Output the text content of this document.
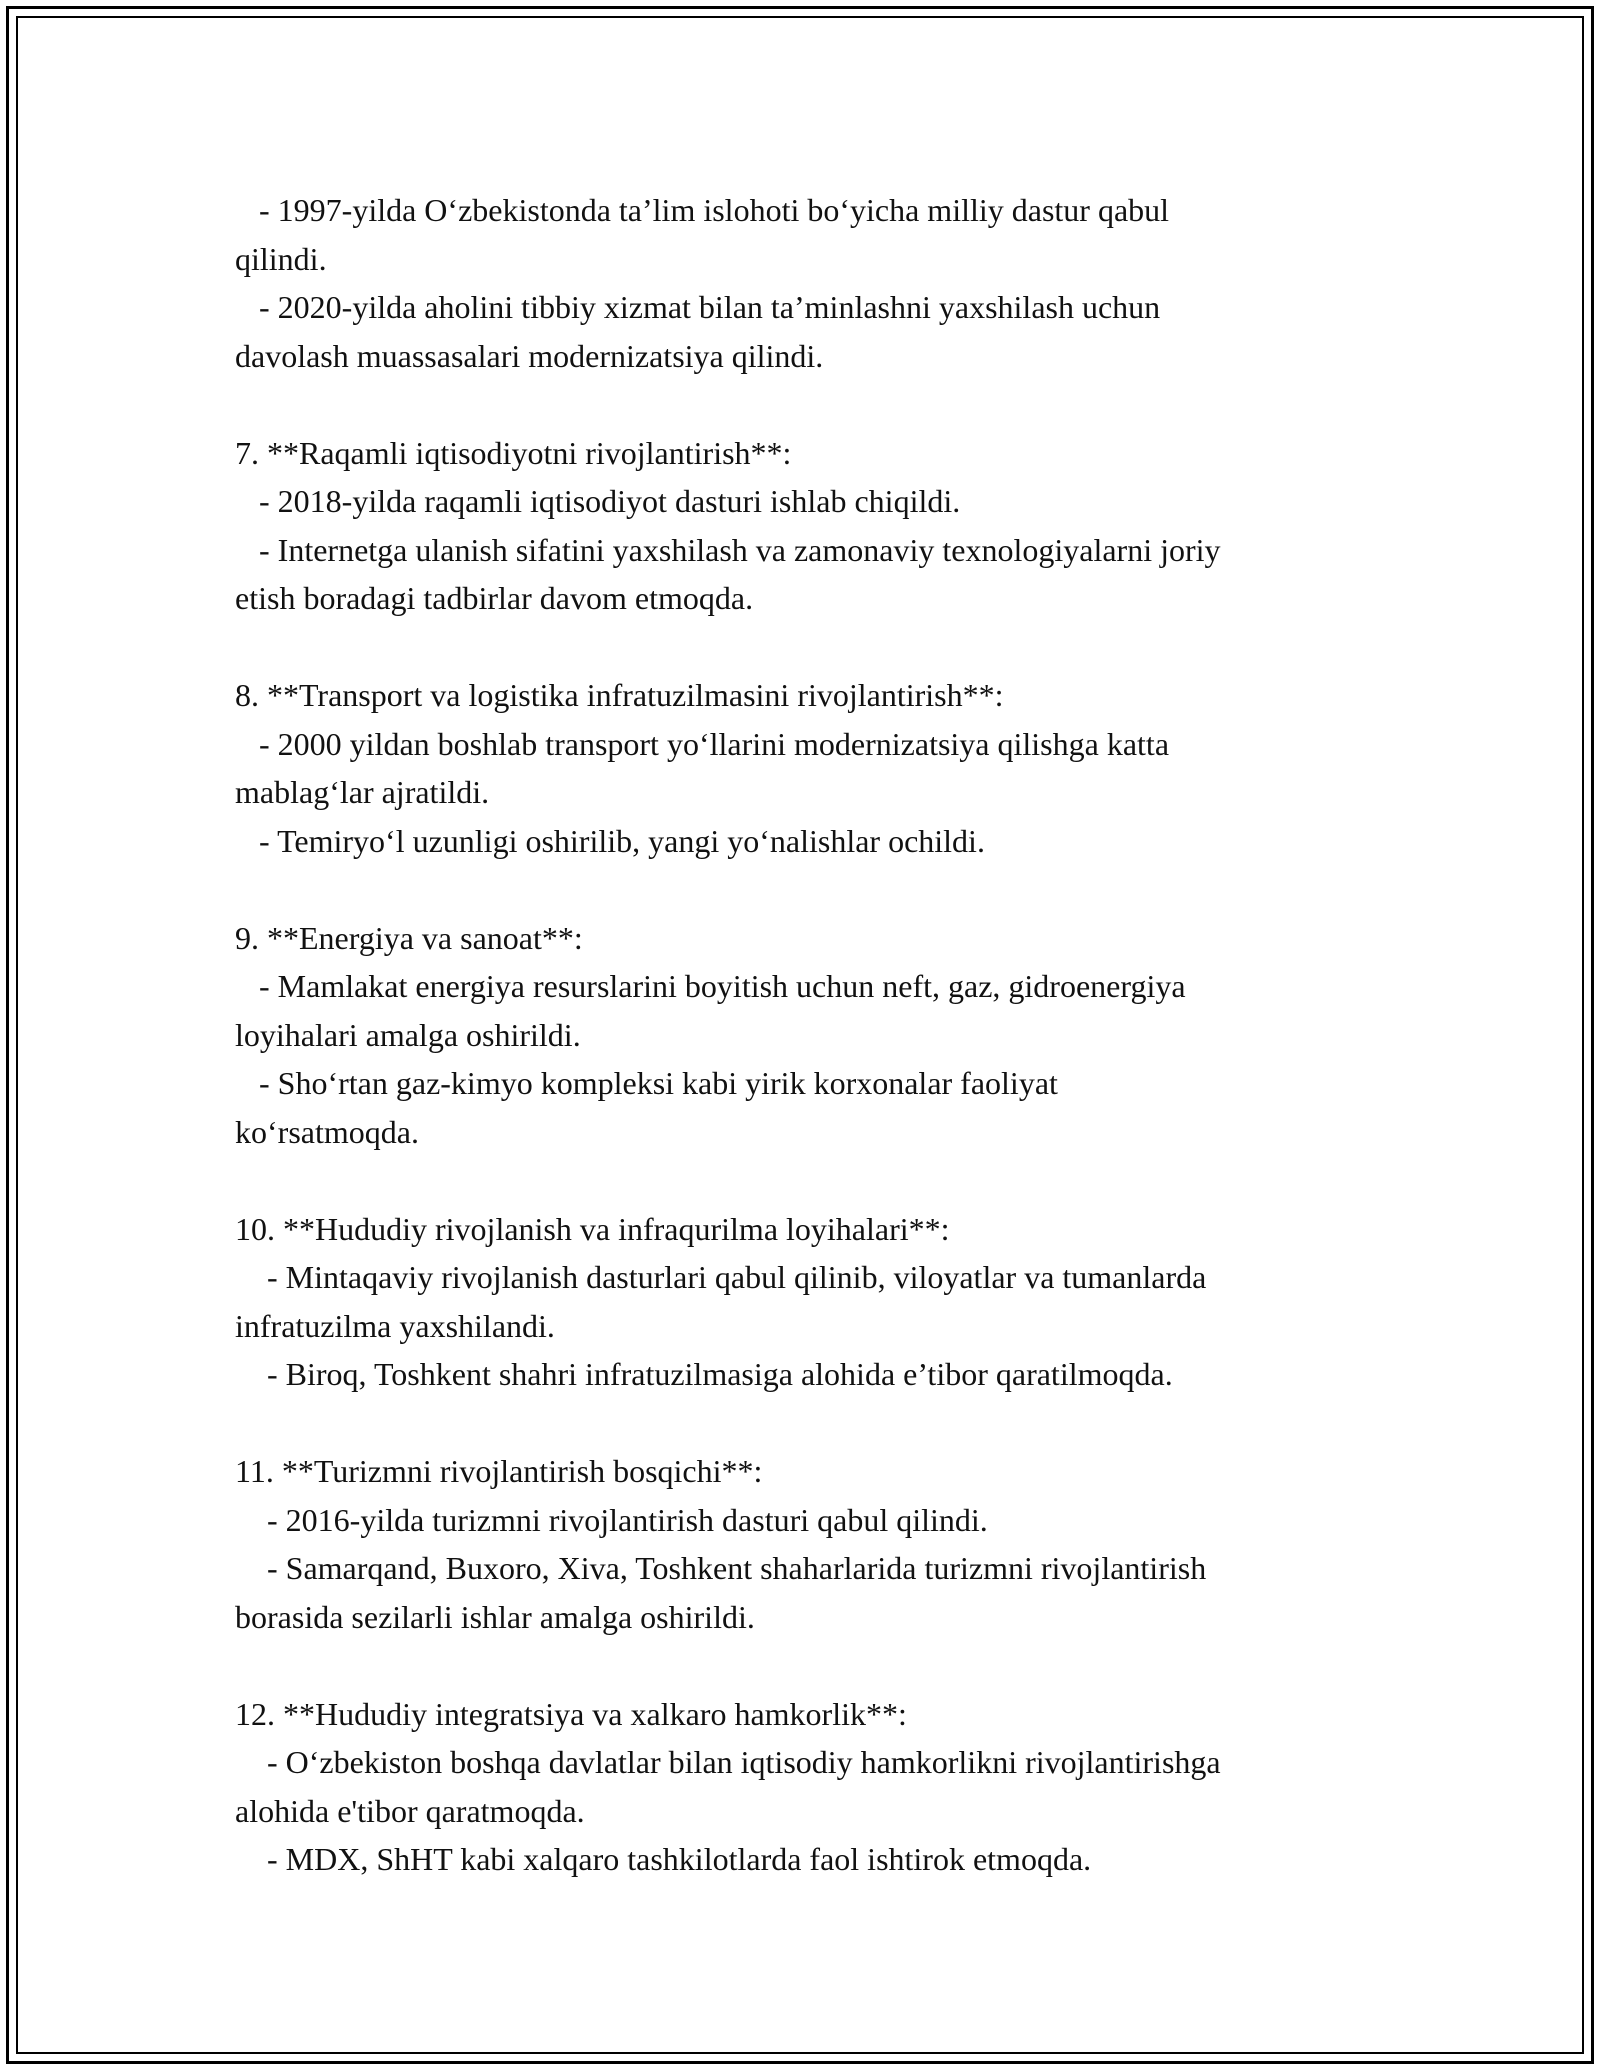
- 1997-yilda O‘zbekistonda ta’lim islohoti bo‘yicha milliy dastur qabul
qilindi.
- 2020-yilda aholini tibbiy xizmat bilan ta’minlashni yaxshilash uchun
davolash muassasalari modernizatsiya qilindi.
7. **Raqamli iqtisodiyotni rivojlantirish**:
- 2018-yilda raqamli iqtisodiyot dasturi ishlab chiqildi.
- Internetga ulanish sifatini yaxshilash va zamonaviy texnologiyalarni joriy
etish boradagi tadbirlar davom etmoqda.
8. **Transport va logistika infratuzilmasini rivojlantirish**:
- 2000 yildan boshlab transport yo‘llarini modernizatsiya qilishga katta
mablag‘lar ajratildi.
- Temiryo‘l uzunligi oshirilib, yangi yo‘nalishlar ochildi.
9. **Energiya va sanoat**:
- Mamlakat energiya resurslarini boyitish uchun neft, gaz, gidroenergiya
loyihalari amalga oshirildi.
- Sho‘rtan gaz-kimyo kompleksi kabi yirik korxonalar faoliyat
ko‘rsatmoqda.
10. **Hududiy rivojlanish va infraqurilma loyihalari**:
- Mintaqaviy rivojlanish dasturlari qabul qilinib, viloyatlar va tumanlarda
infratuzilma yaxshilandi.
- Biroq, Toshkent shahri infratuzilmasiga alohida e’tibor qaratilmoqda.
11. **Turizmni rivojlantirish bosqichi**:
- 2016-yilda turizmni rivojlantirish dasturi qabul qilindi.
- Samarqand, Buxoro, Xiva, Toshkent shaharlarida turizmni rivojlantirish
borasida sezilarli ishlar amalga oshirildi.
12. **Hududiy integratsiya va xalkaro hamkorlik**:
- O‘zbekiston boshqa davlatlar bilan iqtisodiy hamkorlikni rivojlantirishga
alohida e'tibor qaratmoqda.
- MDX, ShHT kabi xalqaro tashkilotlarda faol ishtirok etmoqda.
